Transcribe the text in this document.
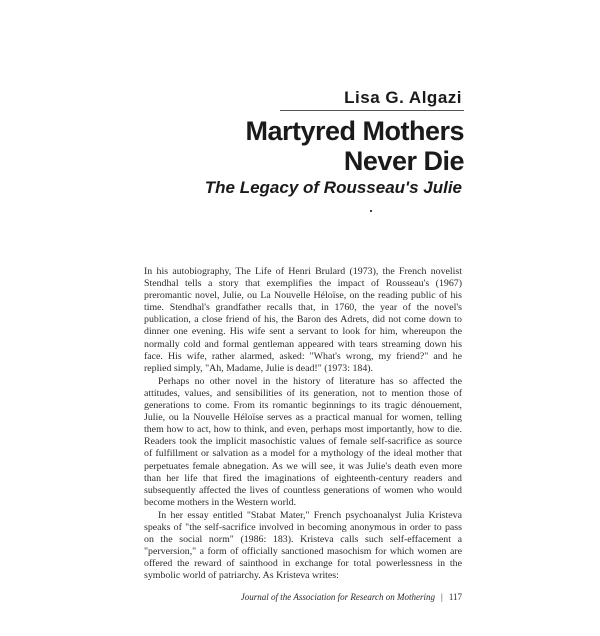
Lisa G. Algazi
Martyred Mothers
Never Die
The Legacy of Rousseau's Julie

In his autobiography, The Life of Henri Brulard (1973), the French novelist Stendhal tells a story that exemplifies the impact of Rousseau's (1967) preromantic novel, Julie, ou La Nouvelle Héloïse, on the reading public of his time. Stendhal's grandfather recalls that, in 1760, the year of the novel's publication, a close friend of his, the Baron des Adrets, did not come down to dinner one evening. His wife sent a servant to look for him, whereupon the normally cold and formal gentleman appeared with tears streaming down his face. His wife, rather alarmed, asked: "What's wrong, my friend?" and he replied simply, "Ah, Madame, Julie is dead!" (1973: 184).

Perhaps no other novel in the history of literature has so affected the attitudes, values, and sensibilities of its generation, not to mention those of generations to come. From its romantic beginnings to its tragic dénouement, Julie, ou la Nouvelle Héloïse serves as a practical manual for women, telling them how to act, how to think, and even, perhaps most importantly, how to die. Readers took the implicit masochistic values of female self-sacrifice as source of fulfillment or salvation as a model for a mythology of the ideal mother that perpetuates female abnegation. As we will see, it was Julie's death even more than her life that fired the imaginations of eighteenth-century readers and subsequently affected the lives of countless generations of women who would become mothers in the Western world.

In her essay entitled "Stabat Mater," French psychoanalyst Julia Kristeva speaks of "the self-sacrifice involved in becoming anonymous in order to pass on the social norm" (1986: 183). Kristeva calls such self-effacement a "perversion," a form of officially sanctioned masochism for which women are offered the reward of sainthood in exchange for total powerlessness in the symbolic world of patriarchy. As Kristeva writes:

Journal of the Association for Research on Mothering | 117
